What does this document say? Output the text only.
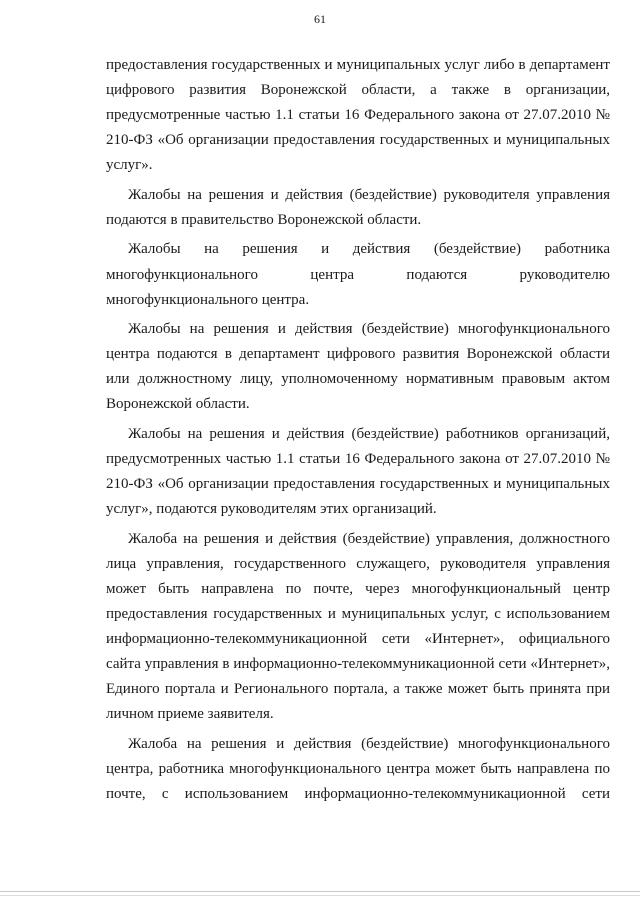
61

предоставления государственных и муниципальных услуг либо в департамент цифрового развития Воронежской области, а также в организации, предусмотренные частью 1.1 статьи 16 Федерального закона от 27.07.2010 № 210-ФЗ «Об организации предоставления государственных и муниципальных услуг».

Жалобы на решения и действия (бездействие) руководителя управления подаются в правительство Воронежской области.

Жалобы на решения и действия (бездействие) работника многофункционального центра подаются руководителю многофункционального центра.

Жалобы на решения и действия (бездействие) многофункционального центра подаются в департамент цифрового развития Воронежской области или должностному лицу, уполномоченному нормативным правовым актом Воронежской области.

Жалобы на решения и действия (бездействие) работников организаций, предусмотренных частью 1.1 статьи 16 Федерального закона от 27.07.2010 № 210-ФЗ «Об организации предоставления государственных и муниципальных услуг», подаются руководителям этих организаций.

Жалоба на решения и действия (бездействие) управления, должностного лица управления, государственного служащего, руководителя управления может быть направлена по почте, через многофункциональный центр предоставления государственных и муниципальных услуг, с использованием информационно-телекоммуникационной сети «Интернет», официального сайта управления в информационно-телекоммуникационной сети «Интернет», Единого портала и Регионального портала, а также может быть принята при личном приеме заявителя.

Жалоба на решения и действия (бездействие) многофункционального центра, работника многофункционального центра может быть направлена по почте, с использованием информационно-телекоммуникационной сети
